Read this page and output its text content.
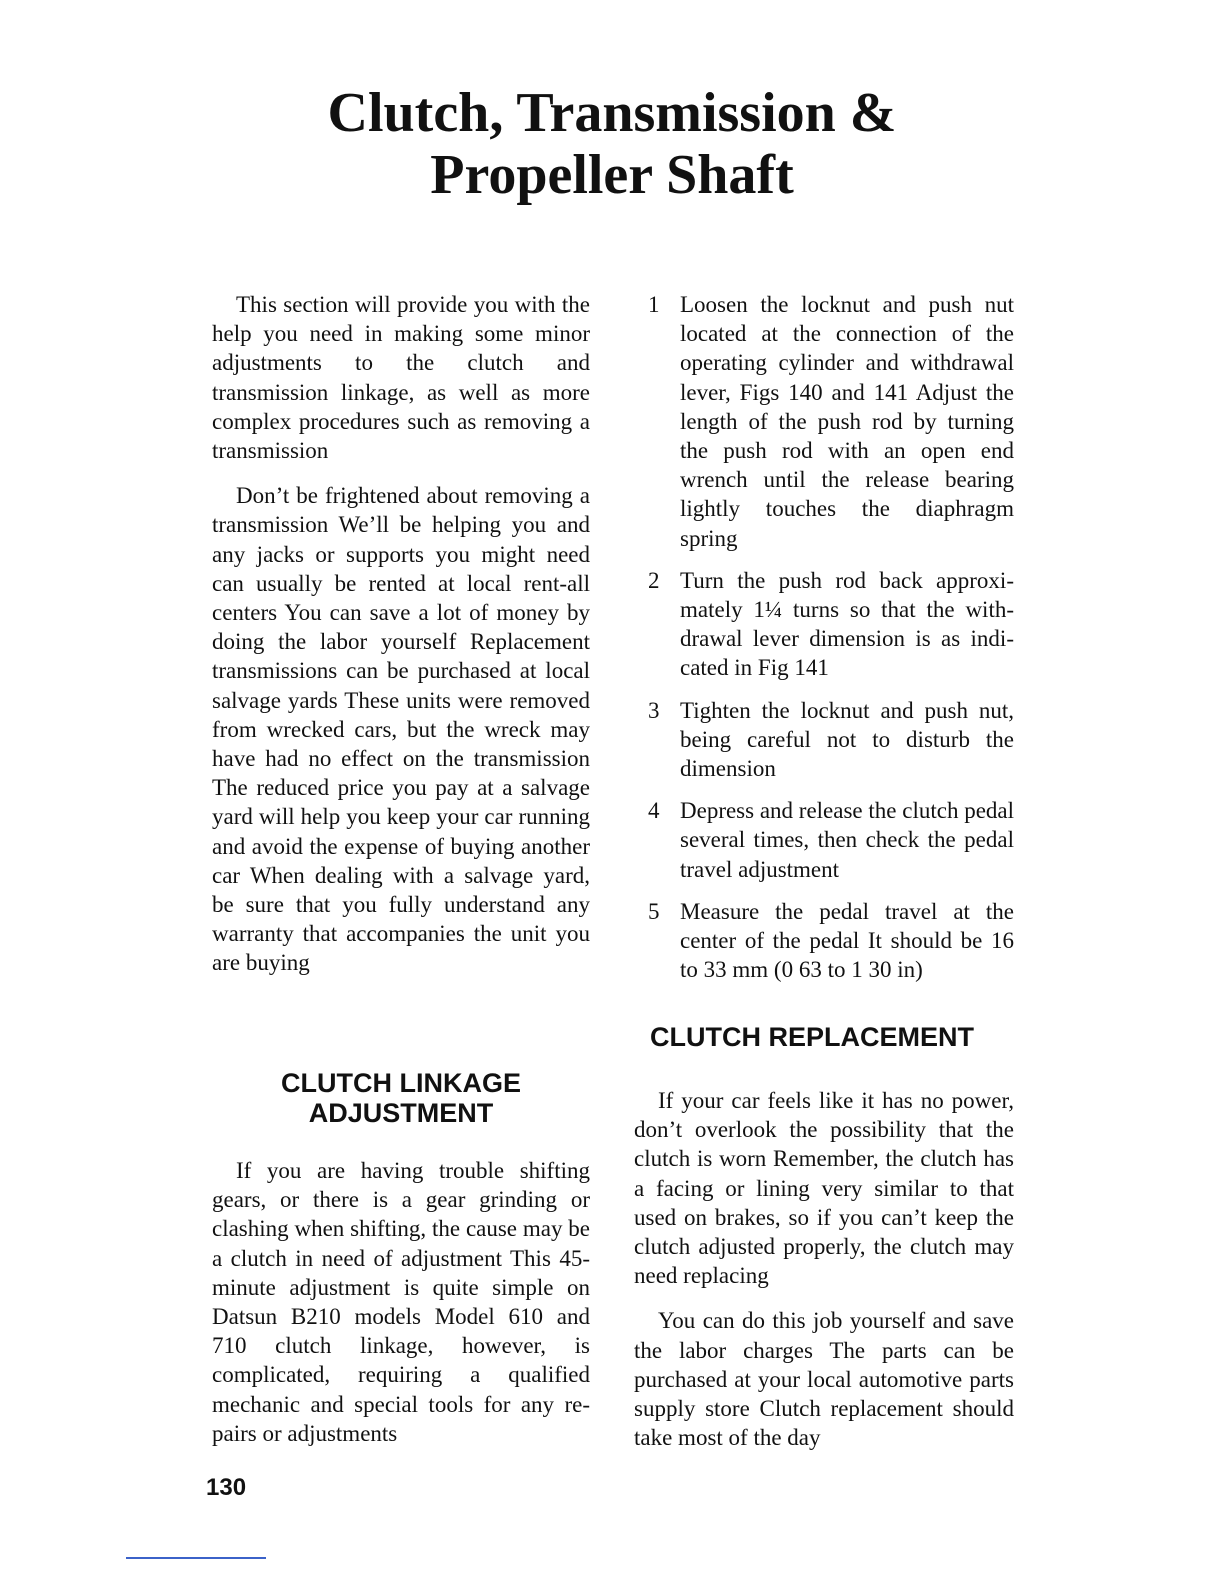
Clutch, Transmission &
Propeller Shaft

This section will provide you with the help you need in making some minor adjustments to the clutch and transmission linkage, as well as more complex procedures such as removing a transmission

Don’t be frightened about removing a transmission We’ll be helping you and any jacks or supports you might need can usually be rented at local rent-all centers You can save a lot of money by doing the labor yourself Replacement transmissions can be purchased at local salvage yards These units were removed from wrecked cars, but the wreck may have had no effect on the transmission The reduced price you pay at a salvage yard will help you keep your car running and avoid the expense of buying another car When dealing with a salvage yard, be sure that you fully understand any warranty that accompanies the unit you are buying

1 Loosen the locknut and push nut located at the connection of the operating cylinder and withdrawal lever, Figs 140 and 141 Adjust the length of the push rod by turning the push rod with an open end wrench until the release bearing lightly touches the diaphragm spring
2 Turn the push rod back approximately 1¼ turns so that the withdrawal lever dimension is as indicated in Fig 141
3 Tighten the locknut and push nut, being careful not to disturb the dimension
4 Depress and release the clutch pedal several times, then check the pedal travel adjustment
5 Measure the pedal travel at the center of the pedal It should be 16 to 33 mm (0 63 to 1 30 in)
CLUTCH LINKAGE
ADJUSTMENT

If you are having trouble shifting gears, or there is a gear grinding or clashing when shifting, the cause may be a clutch in need of adjustment This 45-minute adjustment is quite simple on Datsun B210 models Model 610 and 710 clutch linkage, however, is complicated, requiring a qualified mechanic and special tools for any repairs or adjustments

CLUTCH REPLACEMENT

If your car feels like it has no power, don’t overlook the possibility that the clutch is worn Remember, the clutch has a facing or lining very similar to that used on brakes, so if you can’t keep the clutch adjusted properly, the clutch may need replacing

You can do this job yourself and save the labor charges The parts can be purchased at your local automotive parts supply store Clutch replacement should take most of the day

130
